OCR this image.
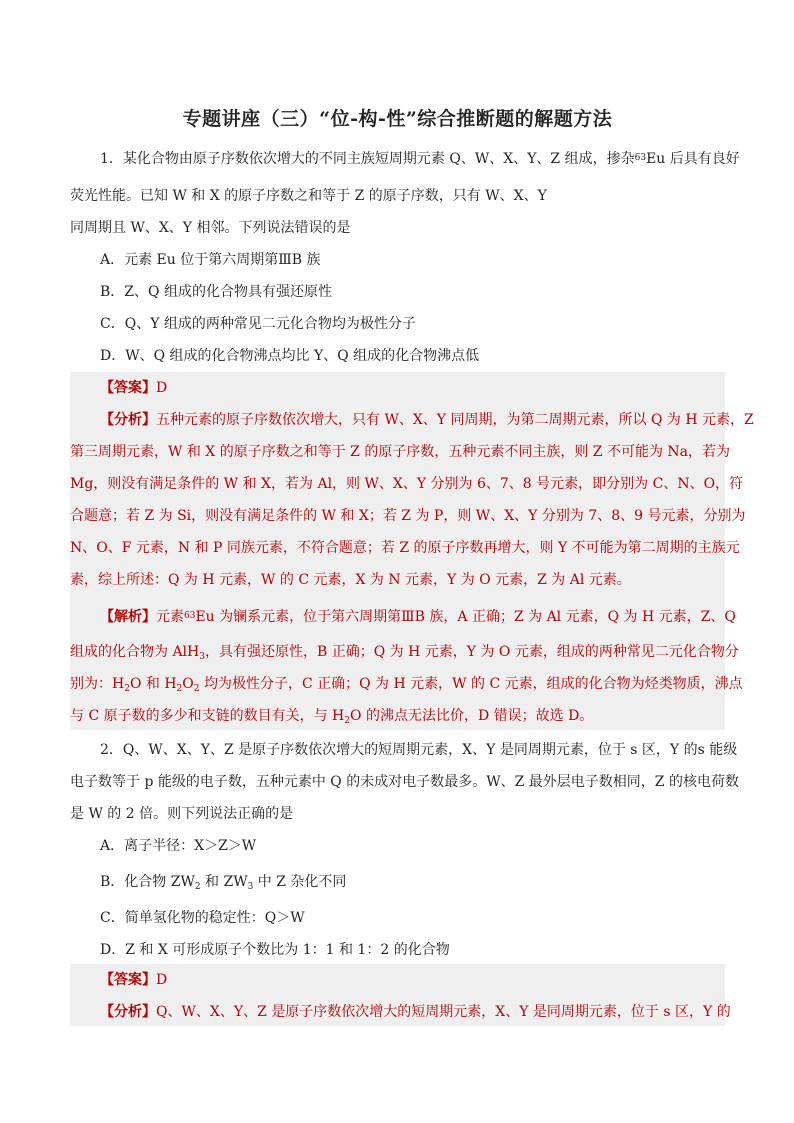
专题讲座（三）“位-构-性”综合推断题的解题方法
1．某化合物由原子序数依次增大的不同主族短周期元素 Q、W、X、Y、Z 组成，掺杂$^{63}$Eu 后具有良好
荧光性能。已知 W 和 X 的原子序数之和等于 Z 的原子序数，只有 W、X、Y
同周期且 W、X、Y 相邻。下列说法错误的是
A．元素 Eu 位于第六周期第ⅢB 族
B．Z、Q 组成的化合物具有强还原性
C．Q、Y 组成的两种常见二元化合物均为极性分子
D．W、Q 组成的化合物沸点均比 Y、Q 组成的化合物沸点低
【答案】D
【分析】五种元素的原子序数依次增大，只有 W、X、Y 同周期，为第二周期元素，所以 Q 为 H 元素，Z
第三周期元素，W 和 X 的原子序数之和等于 Z 的原子序数，五种元素不同主族，则 Z 不可能为 Na，若为
Mg，则没有满足条件的 W 和 X，若为 Al，则 W、X、Y 分别为 6、7、8 号元素，即分别为 C、N、O，符
合题意；若 Z 为 Si，则没有满足条件的 W 和 X；若 Z 为 P，则 W、X、Y 分别为 7、8、9 号元素，分别为
N、O、F 元素，N 和 P 同族元素，不符合题意；若 Z 的原子序数再增大，则 Y 不可能为第二周期的主族元
素，综上所述：Q 为 H 元素，W 的 C 元素，X 为 N 元素，Y 为 O 元素，Z 为 Al 元素。
【解析】元素$^{63}$Eu 为镧系元素，位于第六周期第ⅢB 族，A 正确；Z 为 Al 元素，Q 为 H 元素，Z、Q
组成的化合物为 AlH$_3$，具有强还原性，B 正确；Q 为 H 元素，Y 为 O 元素，组成的两种常见二元化合物分
别为：$H_2O$ 和 $H_2O_2$ 均为极性分子，C 正确；Q 为 H 元素，W 的 C 元素，组成的化合物为烃类物质，沸点
与 C 原子数的多少和支链的数目有关，与 $H_2O$ 的沸点无法比价，D 错误；故选 D。
2．Q、W、X、Y、Z 是原子序数依次增大的短周期元素，X、Y 是同周期元素，位于 s 区，Y 的s 能级
电子数等于 p 能级的电子数，五种元素中 Q 的未成对电子数最多。W、Z 最外层电子数相同，Z 的核电荷数
是 W 的 2 倍。则下列说法正确的是
A．离子半径：X＞Z＞W
B．化合物 $ZW_2$ 和 $ZW_3$ 中 Z 杂化不同
C．简单氢化物的稳定性：Q＞W
D．Z 和 X 可形成原子个数比为 1：1 和 1：2 的化合物
【答案】D
【分析】Q、W、X、Y、Z 是原子序数依次增大的短周期元素，X、Y 是同周期元素，位于 s 区，Y 的
